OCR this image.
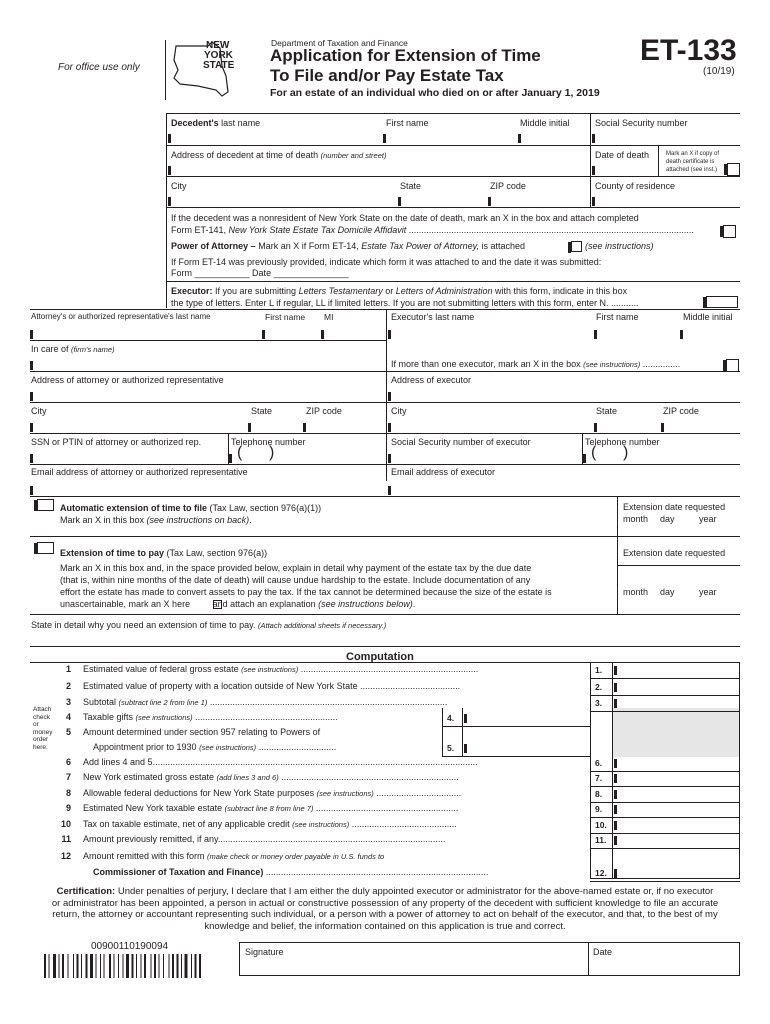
For office use only
NEW
YORK
STATE
Department of Taxation and Finance
Application for Extension of Time
To File and/or Pay Estate Tax
For an estate of an individual who died on or after January 1, 2019
ET-133
(10/19)
Decedent's last name	First name	Middle initial	Social Security number
Address of decedent at time of death (number and street)	Date of death	Mark an X if copy of
death certificate is
attached (see inst.)
City	State	ZIP code	County of residence
If the decedent was a nonresident of New York State on the date of death, mark an X in the box and attach completed
Form ET-141, New York State Estate Tax Domicile Affidavit ..................................................................................................................
Power of Attorney – Mark an X if Form ET-14, Estate Tax Power of Attorney, is attached	(see instructions)
If Form ET-14 was previously provided, indicate which form it was attached to and the date it was submitted:
Form ___________ Date _______________
Executor: If you are submitting Letters Testamentary or Letters of Administration with this form, indicate in this box
the type of letters. Enter L if regular, LL if limited letters. If you are not submitting letters with this form, enter N. ...........
Attorney's or authorized representative's last name	First name MI	Executor's last name	First name	Middle initial
In care of (firm's name)
If more than one executor, mark an X in the box (see instructions) ...............
Address of attorney or authorized representative	Address of executor
City	State	ZIP code	City	State	ZIP code
SSN or PTIN of attorney or authorized rep.	Telephone number	Social Security number of executor	Telephone number
( )	( )
Email address of attorney or authorized representative	Email address of executor
Automatic extension of time to file (Tax Law, section 976(a)(1))
Mark an X in this box (see instructions on back).
Extension date requested
month day	year
Extension of time to pay (Tax Law, section 976(a))
Mark an X in this box and, in the space provided below, explain in detail why payment of the estate tax by the due date
(that is, within nine months of the date of death) will cause undue hardship to the estate. Include documentation of any
effort the estate has made to convert assets to pay the tax. If the tax cannot be determined because the size of the estate is
unascertainable, mark an X here and attach an explanation (see instructions below).
Extension date requested
month day	year
State in detail why you need an extension of time to pay. (Attach additional sheets if necessary.)
Computation
Attach
check
or
money
order
here.
1 Estimated value of federal gross estate (see instructions) .......................................................................	1.
2 Estimated value of property with a location outside of New York State ........................................	2.
3 Subtotal (subtract line 2 from line 1) ...............................................................................................	3.
4 Taxable gifts (see instructions) .........................................................	4.
5 Amount determined under section 957 relating to Powers of
Appointment prior to 1930 (see instructions) ...............................	5.
6 Add lines 4 and 5..................................................................................................................................	6.
7 New York estimated gross estate (add lines 3 and 6) .......................................................................	7.
8 Allowable federal deductions for New York State purposes (see instructions) ..................................	8.
9 Estimated New York taxable estate (subtract line 8 from line 7) .........................................................	9.
10 Tax on taxable estimate, net of any applicable credit (see instructions) ..........................................	10.
11 Amount previously remitted, if any...........................................................................................	11.
12 Amount remitted with this form (make check or money order payable in U.S. funds to
Commissioner of Taxation and Finance) .........................................................................................	12.
Certification: Under penalties of perjury, I declare that I am either the duly appointed executor or administrator for the above-named estate or, if no executor
or administrator has been appointed, a person in actual or constructive possession of any property of the decedent with sufficient knowledge to file an accurate
return, the attorney or accountant representing such individual, or a person with a power of attorney to act on behalf of the executor, and that, to the best of my
knowledge and belief, the information contained on this application is true and correct.
00900110190094	Signature	Date
